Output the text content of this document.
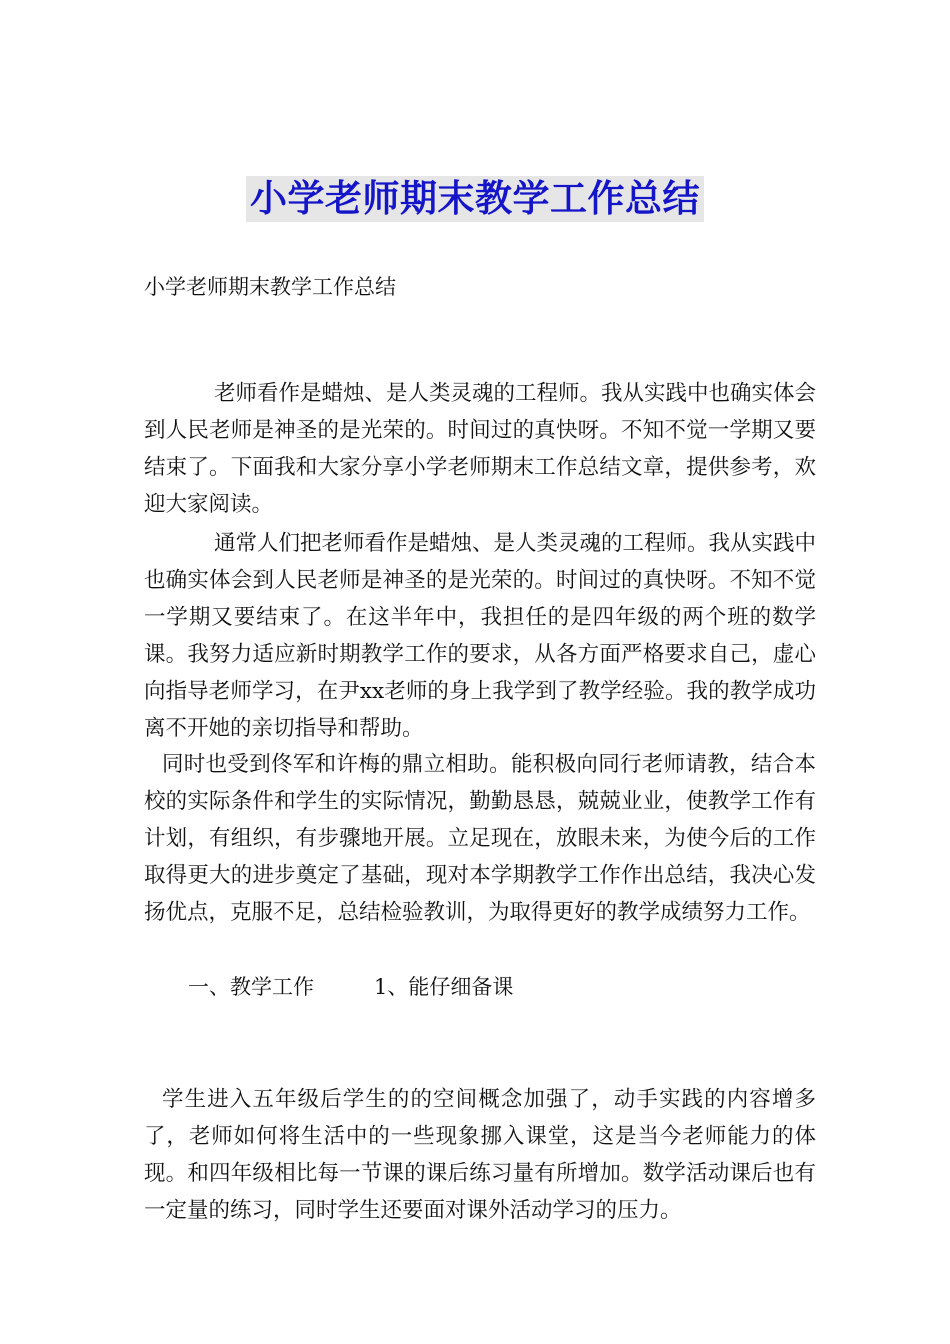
小学老师期末教学工作总结
小学老师期末教学工作总结

老师看作是蜡烛、是人类灵魂的工程师。我从实践中也确实体会到人民老师是神圣的是光荣的。时间过的真快呀。不知不觉一学期又要结束了。下面我和大家分享小学老师期末工作总结文章，提供参考，欢迎大家阅读。

通常人们把老师看作是蜡烛、是人类灵魂的工程师。我从实践中也确实体会到人民老师是神圣的是光荣的。时间过的真快呀。不知不觉一学期又要结束了。在这半年中，我担任的是四年级的两个班的数学课。我努力适应新时期教学工作的要求，从各方面严格要求自己，虚心向指导老师学习，在尹xx老师的身上我学到了教学经验。我的教学成功离不开她的亲切指导和帮助。

同时也受到佟军和许梅的鼎立相助。能积极向同行老师请教，结合本校的实际条件和学生的实际情况，勤勤恳恳，兢兢业业，使教学工作有计划，有组织，有步骤地开展。立足现在，放眼未来，为使今后的工作取得更大的进步奠定了基础，现对本学期教学工作作出总结，我决心发扬优点，克服不足，总结检验教训，为取得更好的教学成绩努力工作。

一、教学工作	1、能仔细备课

学生进入五年级后学生的的空间概念加强了，动手实践的内容增多了，老师如何将生活中的一些现象挪入课堂，这是当今老师能力的体现。和四年级相比每一节课的课后练习量有所增加。数学活动课后也有一定量的练习，同时学生还要面对课外活动学习的压力。
